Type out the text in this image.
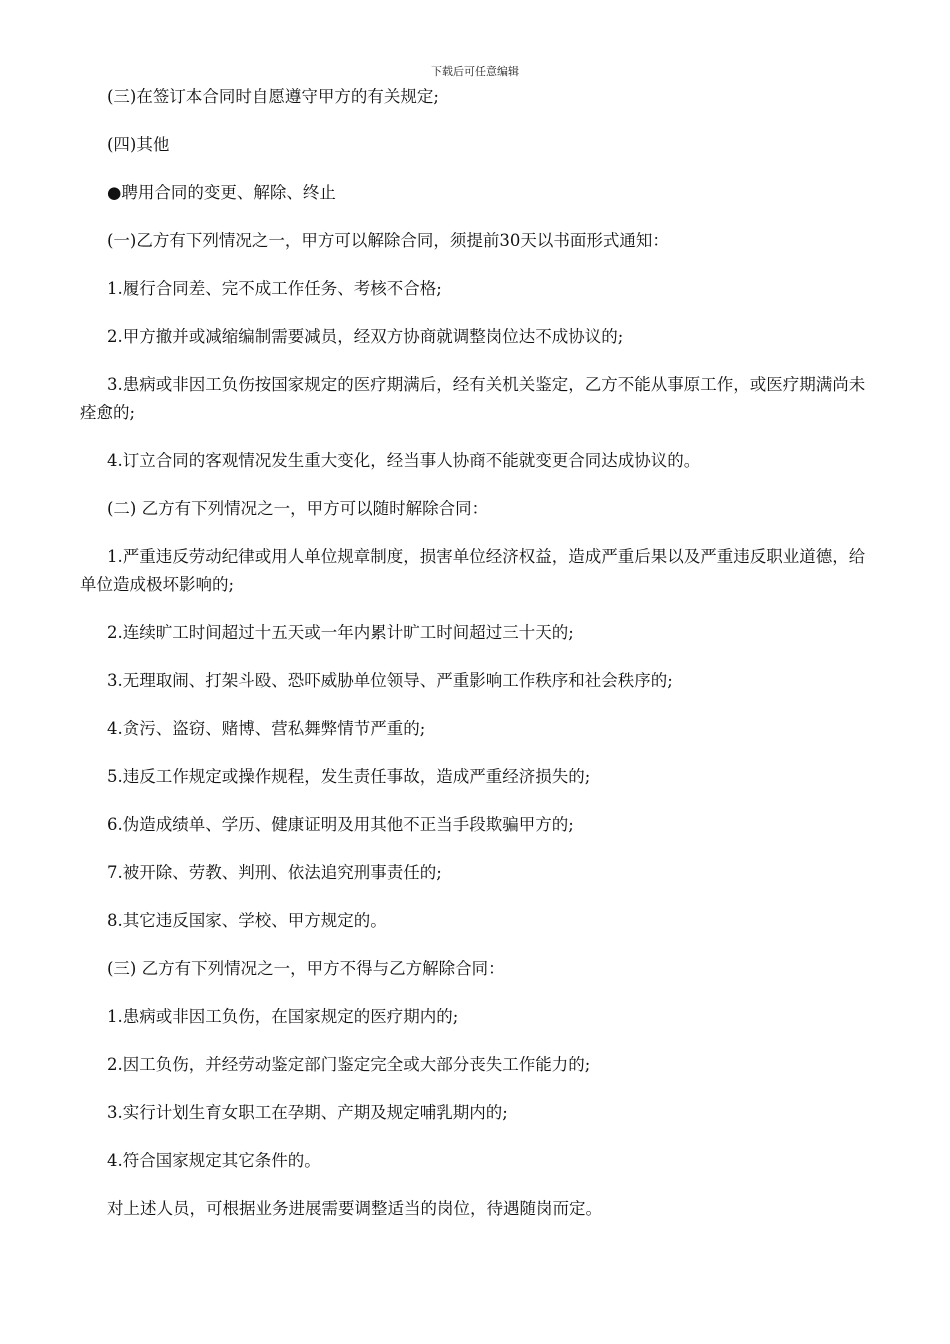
下载后可任意编辑

(三)在签订本合同时自愿遵守甲方的有关规定;

(四)其他

●聘用合同的变更、解除、终止

(一)乙方有下列情况之一，甲方可以解除合同，须提前30天以书面形式通知：

1.履行合同差、完不成工作任务、考核不合格;

2.甲方撤并或减缩编制需要减员，经双方协商就调整岗位达不成协议的;

3.患病或非因工负伤按国家规定的医疗期满后，经有关机关鉴定，乙方不能从事原工作，或医疗期满尚未痊愈的;

4.订立合同的客观情况发生重大变化，经当事人协商不能就变更合同达成协议的。

(二) 乙方有下列情况之一，甲方可以随时解除合同：

1.严重违反劳动纪律或用人单位规章制度，损害单位经济权益，造成严重后果以及严重违反职业道德，给单位造成极坏影响的;

2.连续旷工时间超过十五天或一年内累计旷工时间超过三十天的;

3.无理取闹、打架斗殴、恐吓威胁单位领导、严重影响工作秩序和社会秩序的;

4.贪污、盗窃、赌博、营私舞弊情节严重的;

5.违反工作规定或操作规程，发生责任事故，造成严重经济损失的;

6.伪造成绩单、学历、健康证明及用其他不正当手段欺骗甲方的;

7.被开除、劳教、判刑、依法追究刑事责任的;

8.其它违反国家、学校、甲方规定的。

(三) 乙方有下列情况之一，甲方不得与乙方解除合同：

1.患病或非因工负伤，在国家规定的医疗期内的;

2.因工负伤，并经劳动鉴定部门鉴定完全或大部分丧失工作能力的;

3.实行计划生育女职工在孕期、产期及规定哺乳期内的;

4.符合国家规定其它条件的。

对上述人员，可根据业务进展需要调整适当的岗位，待遇随岗而定。
